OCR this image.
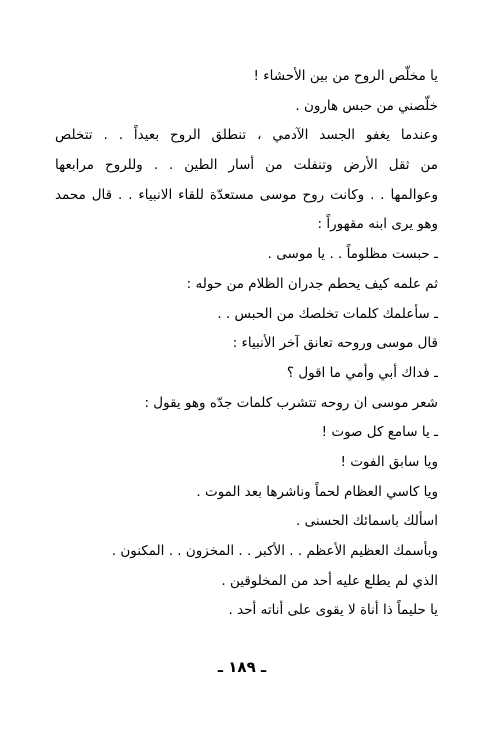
يا مخلّص الروح من بين الأحشاء !
خلّصني من حبس هارون .
وعندما يغفو الجسد الآدمي ، تنطلق الروح بعيداً . . تتخلص
من ثقل الأرض وتنفلت من أسار الطين . . وللروح مرابعها
وعوالمها . . وكانت روح موسى مستعدّة للقاء الانبياء . . قال محمد
وهو يرى ابنه مقهوراً :
ـ حبست مظلوماً . . يا موسى .
ثم علمه كيف يحطم جدران الظلام من حوله :
ـ سأعلمك كلمات تخلصك من الحبس . .
قال موسى وروحه تعانق آخر الأنبياء :
ـ فداك أبي وأمي ما اقول ؟
شعر موسى ان روحه تتشرب كلمات جدّه وهو يقول :
ـ يا سامع كل صوت !
ويا سابق الفوت !
ويا كاسي العظام لحماً وناشرها بعد الموت .
اسألك باسمائك الحسنى .
وبأسمك العظيم الأعظم . . الأكبر . . المخزون . . المكنون .
الذي لم يطلع عليه أحد من المخلوقين .
يا حليماً ذا أناة لا يقوى على أناته أحد .
ـ ١٨٩ ـ
